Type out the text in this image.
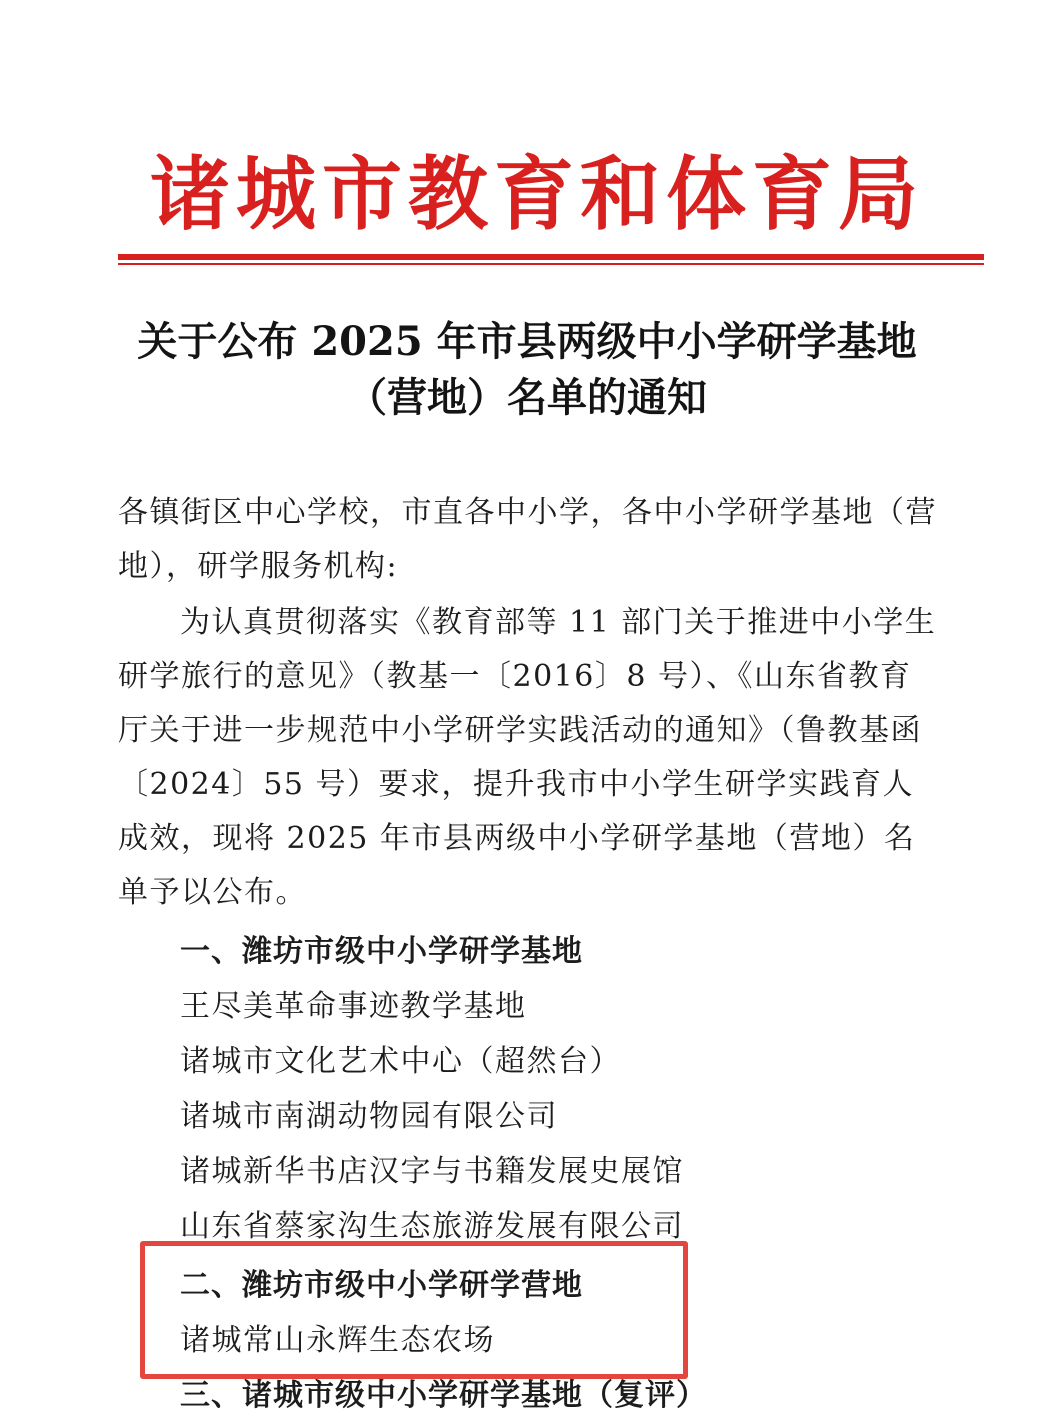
诸城市教育和体育局
关于公布 2025 年市县两级中小学研学基地
（营地）名单的通知
各镇街区中心学校，市直各中小学，各中小学研学基地（营地），研学服务机构:
为认真贯彻落实《教育部等 11 部门关于推进中小学生研学旅行的意见》（教基一〔2016〕8 号）、《山东省教育厅关于进一步规范中小学研学实践活动的通知》（鲁教基函〔2024〕55 号）要求，提升我市中小学生研学实践育人成效，现将 2025 年市县两级中小学研学基地（营地）名单予以公布。
一、潍坊市级中小学研学基地
王尽美革命事迹教学基地
诸城市文化艺术中心（超然台）
诸城市南湖动物园有限公司
诸城新华书店汉字与书籍发展史展馆
山东省蔡家沟生态旅游发展有限公司
二、潍坊市级中小学研学营地
诸城常山永辉生态农场
三、诸城市级中小学研学基地（复评）
